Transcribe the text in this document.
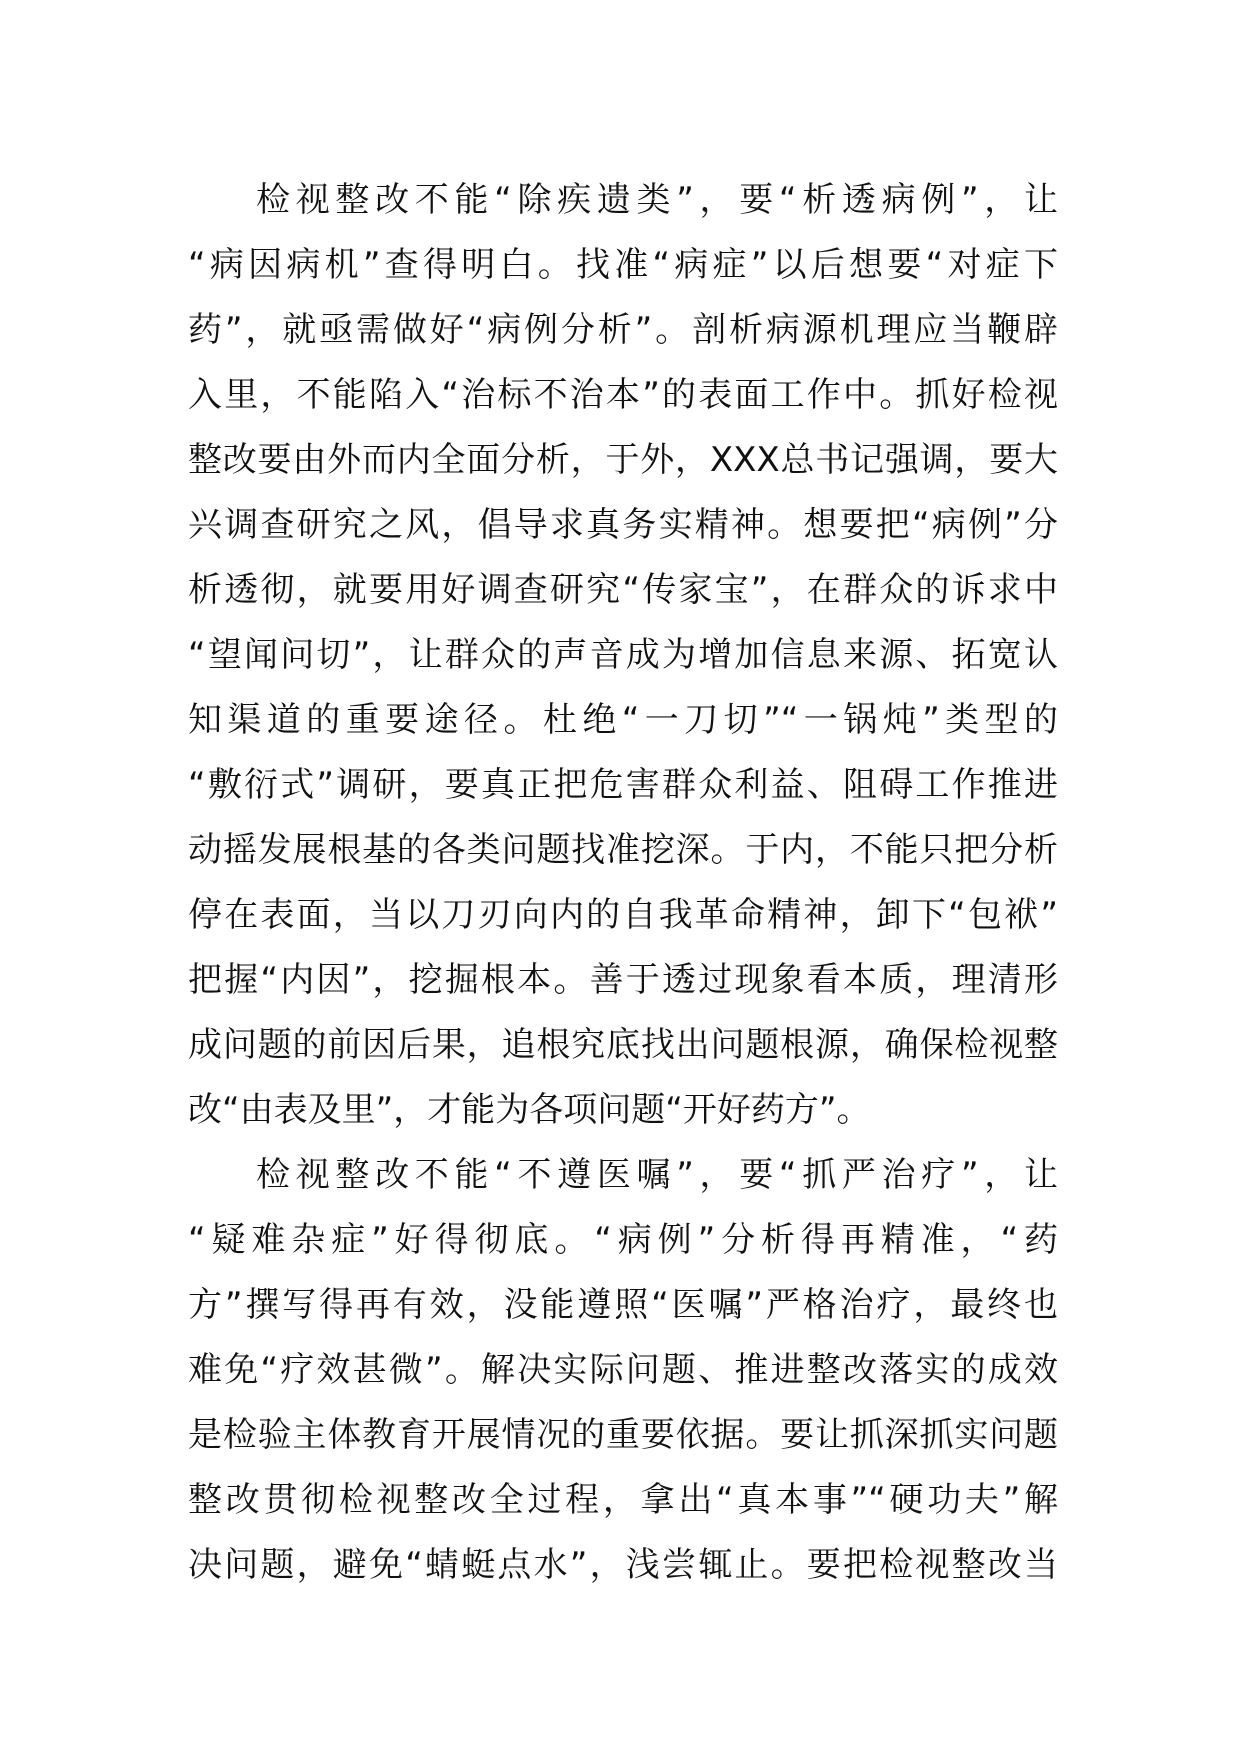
检视整改不能“除疾遗类”，要“析透病例”，让
“病因病机”查得明白。找准“病症”以后想要“对症下
药”，就亟需做好“病例分析”。剖析病源机理应当鞭辟
入里，不能陷入“治标不治本”的表面工作中。抓好检视
整改要由外而内全面分析，于外，XXX总书记强调，要大
兴调查研究之风，倡导求真务实精神。想要把“病例”分
析透彻，就要用好调查研究“传家宝”，在群众的诉求中
“望闻问切”，让群众的声音成为增加信息来源、拓宽认
知渠道的重要途径。杜绝“一刀切”“一锅炖”类型的
“敷衍式”调研，要真正把危害群众利益、阻碍工作推进
动摇发展根基的各类问题找准挖深。于内，不能只把分析
停在表面，当以刀刃向内的自我革命精神，卸下“包袱”
把握“内因”，挖掘根本。善于透过现象看本质，理清形
成问题的前因后果，追根究底找出问题根源，确保检视整
改“由表及里”，才能为各项问题“开好药方”。
检视整改不能“不遵医嘱”，要“抓严治疗”，让
“疑难杂症”好得彻底。“病例”分析得再精准，“药
方”撰写得再有效，没能遵照“医嘱”严格治疗，最终也
难免“疗效甚微”。解决实际问题、推进整改落实的成效
是检验主体教育开展情况的重要依据。要让抓深抓实问题
整改贯彻检视整改全过程，拿出“真本事”“硬功夫”解
决问题，避免“蜻蜓点水”，浅尝辄止。要把检视整改当
